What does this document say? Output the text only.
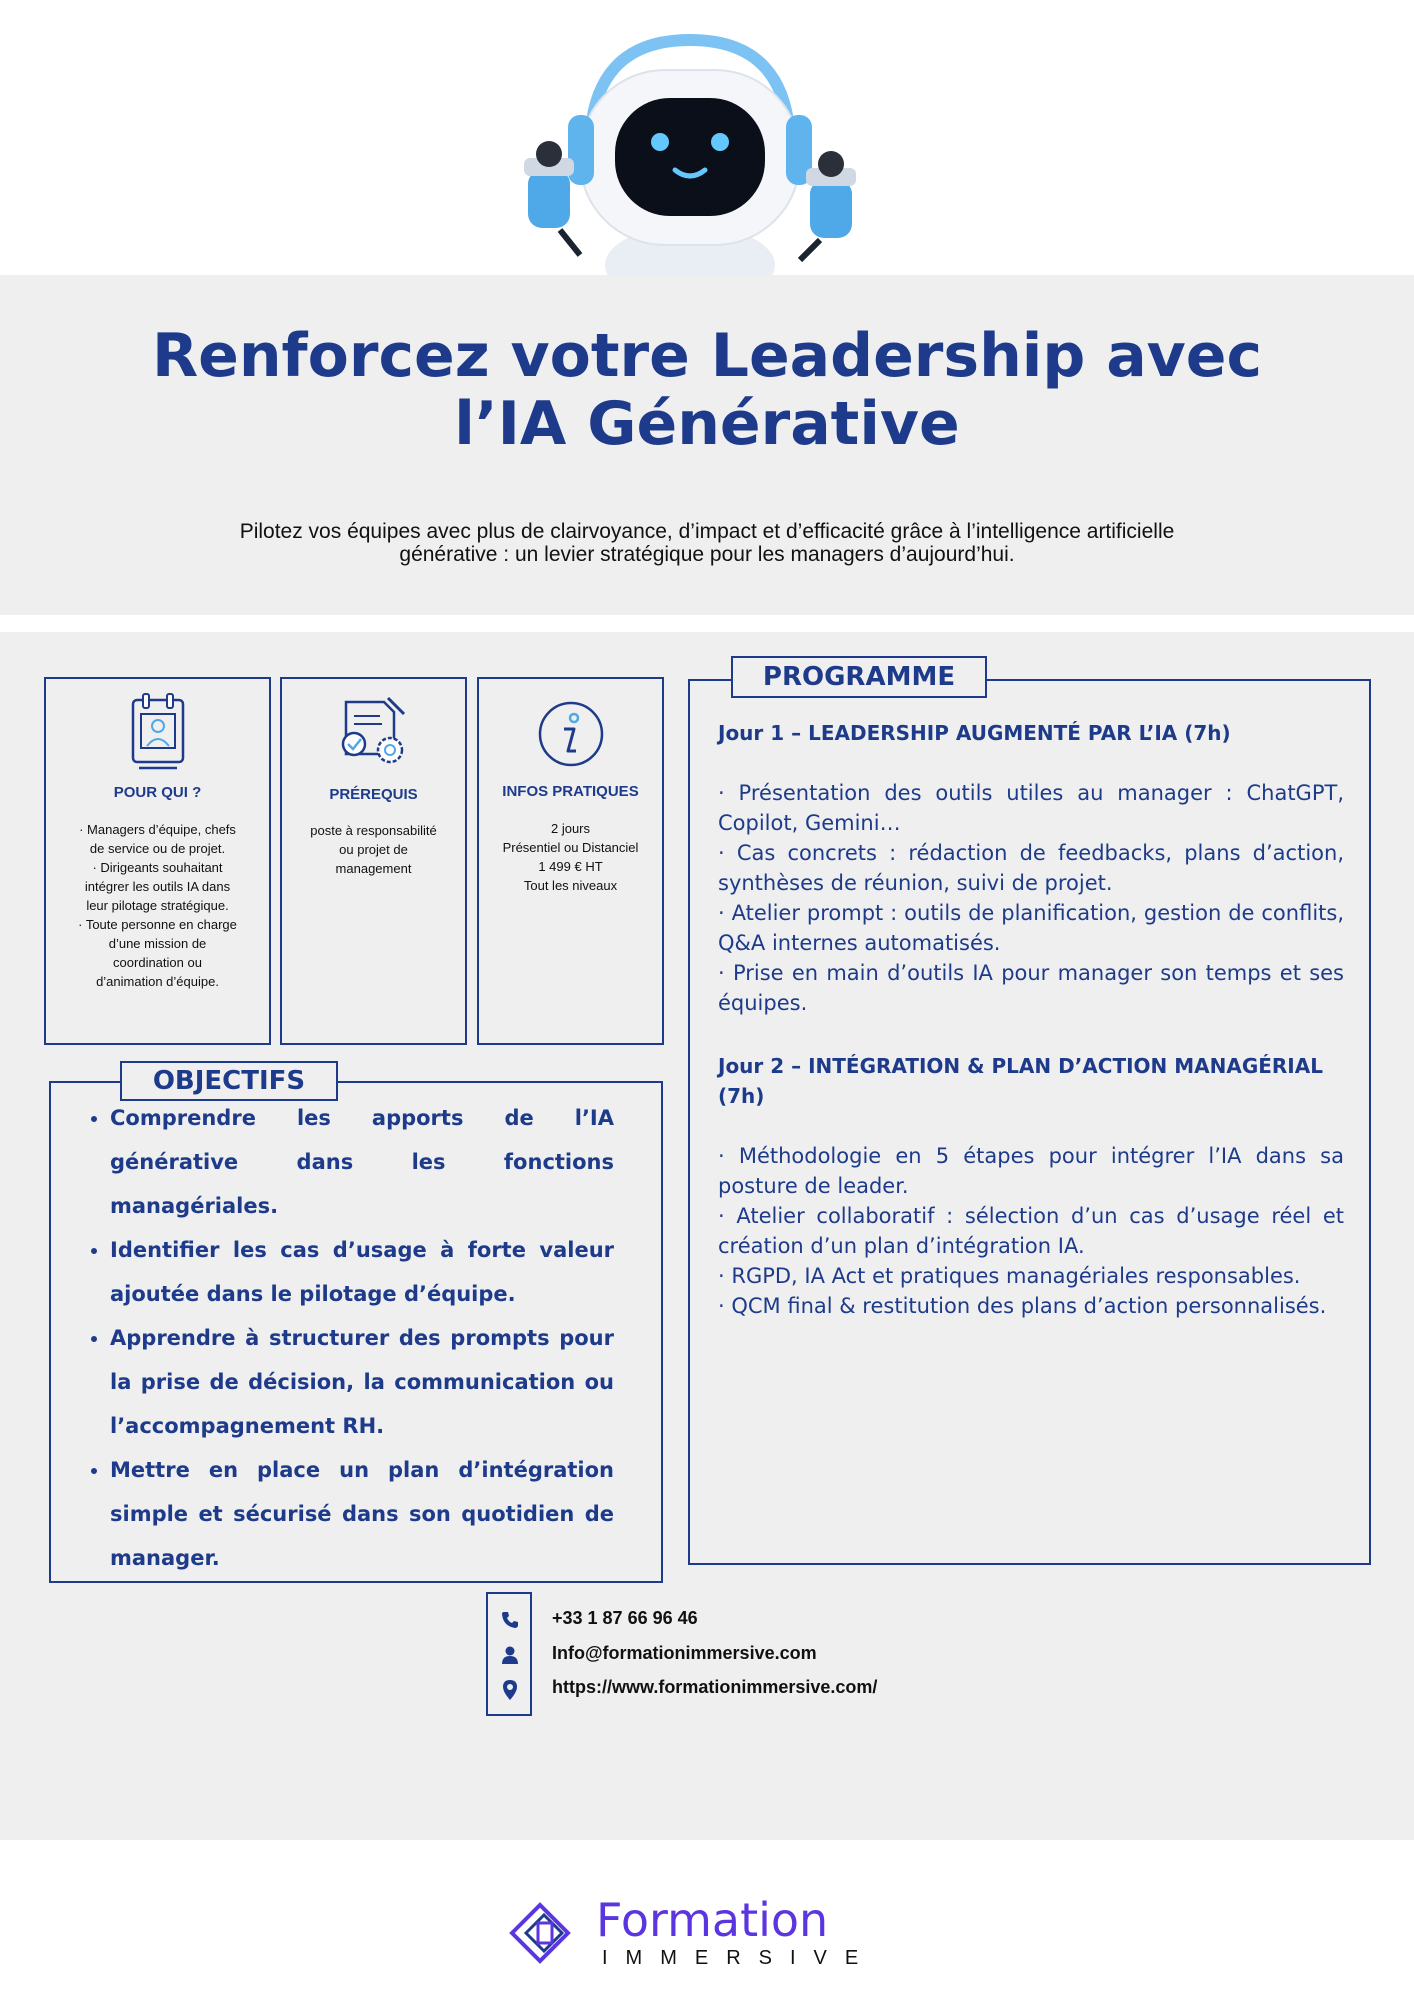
Renforcez votre Leadership avec
l’IA Générative

Pilotez vos équipes avec plus de clairvoyance, d’impact et d’efficacité grâce à l’intelligence artificielle
générative : un levier stratégique pour les managers d’aujourd’hui.

POUR QUI ?
· Managers d’équipe, chefs
de service ou de projet.
· Dirigeants souhaitant
intégrer les outils IA dans
leur pilotage stratégique.
· Toute personne en charge
d’une mission de
coordination ou
d’animation d’équipe.
PRÉREQUIS
poste à responsabilité
ou projet de
management
INFOS PRATIQUES
2 jours
Présentiel ou Distanciel
1 499 € HT
Tout les niveaux
OBJECTIFS
• Comprendre les apports de l’IA générative dans les fonctions managériales.
• Identifier les cas d’usage à forte valeur ajoutée dans le pilotage d’équipe.
• Apprendre à structurer des prompts pour la prise de décision, la communication ou l’accompagnement RH.
• Mettre en place un plan d’intégration simple et sécurisé dans son quotidien de manager.
PROGRAMME
Jour 1 – LEADERSHIP AUGMENTÉ PAR L’IA (7h)
· Présentation des outils utiles au manager : ChatGPT, Copilot, Gemini…
· Cas concrets : rédaction de feedbacks, plans d’action, synthèses de réunion, suivi de projet.
· Atelier prompt : outils de planification, gestion de conflits, Q&A internes automatisés.
· Prise en main d’outils IA pour manager son temps et ses équipes.
Jour 2 – INTÉGRATION & PLAN D’ACTION MANAGÉRIAL (7h)
· Méthodologie en 5 étapes pour intégrer l’IA dans sa posture de leader.
· Atelier collaboratif : sélection d’un cas d’usage réel et création d’un plan d’intégration IA.
· RGPD, IA Act et pratiques managériales responsables.
· QCM final & restitution des plans d’action personnalisés.
+33 1 87 66 96 46
Info@formationimmersive.com
https://www.formationimmersive.com/
Formation
IMMERSIVE
